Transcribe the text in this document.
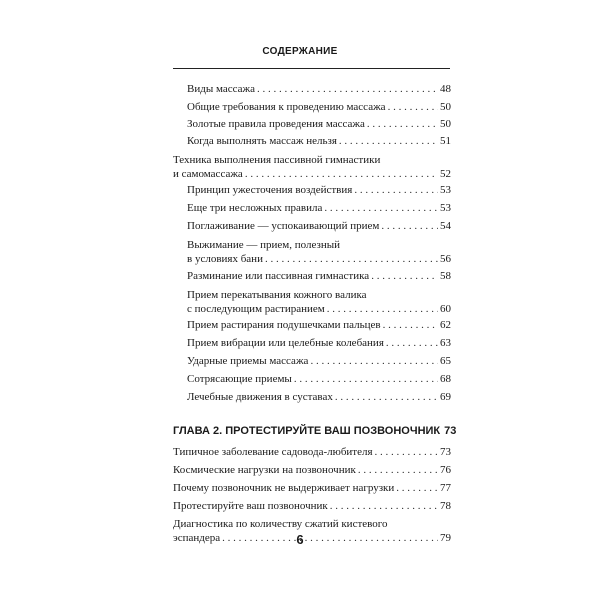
СОДЕРЖАНИЕ
Виды массажа . . .	48
Общие требования к проведению массажа . . .	50
Золотые правила проведения массажа . . .	50
Когда выполнять массаж нельзя . . .	51
Техника выполнения пассивной гимнастики
и самомассажа . . .	52
Принцип ужесточения воздействия . . .	53
Еще три несложных правила . . .	53
Поглаживание — успокаивающий прием . . .	54
Выжимание — прием, полезный
в условиях бани . . .	56
Разминание или пассивная гимнастика . . .	58
Прием перекатывания кожного валика
с последующим растиранием . . .	60
Прием растирания подушечками пальцев . . .	62
Прием вибрации или целебные колебания . . .	63
Ударные приемы массажа . . .	65
Сотрясающие приемы . . .	68
Лечебные движения в суставах . . .	69
ГЛАВА 2. ПРОТЕСТИРУЙТЕ ВАШ ПОЗВОНОЧНИК 73
Типичное заболевание садовода-любителя . . .	73
Космические нагрузки на позвоночник . . .	76
Почему позвоночник не выдерживает нагрузки . . .	77
Протестируйте ваш позвоночник . . .	78
Диагностика по количеству сжатий кистевого
эспандера . . .	79
6
